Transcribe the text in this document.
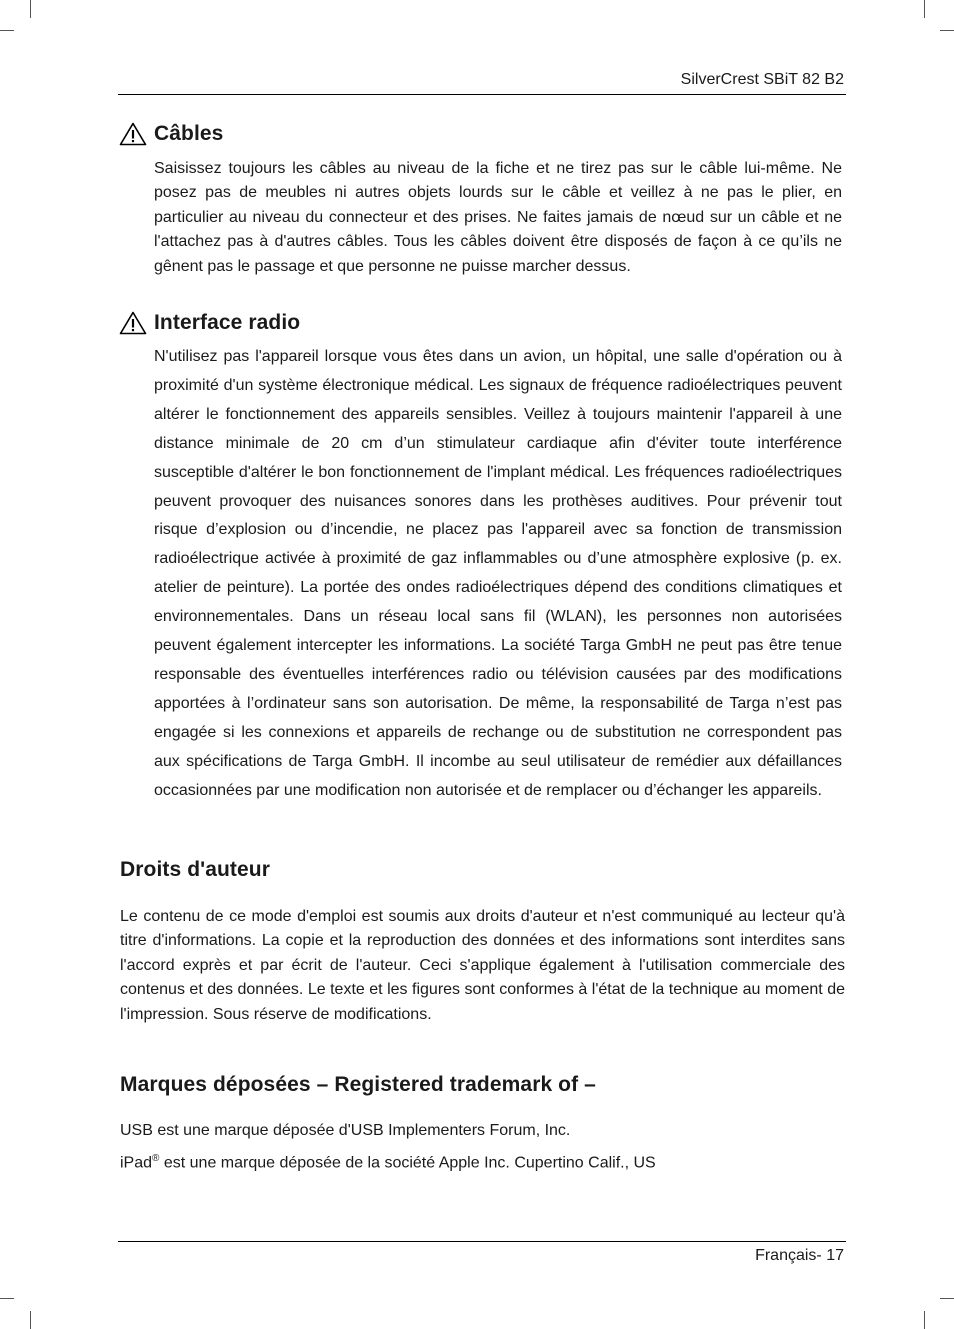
SilverCrest SBiT 82 B2
Câbles

Saisissez toujours les câbles au niveau de la fiche et ne tirez pas sur le câble lui-même. Ne posez pas de meubles ni autres objets lourds sur le câble et veillez à ne pas le plier, en particulier au niveau du connecteur et des prises. Ne faites jamais de nœud sur un câble et ne l'attachez pas à d'autres câbles. Tous les câbles doivent être disposés de façon à ce qu’ils ne gênent pas le passage et que personne ne puisse marcher dessus.

Interface radio

N'utilisez pas l'appareil lorsque vous êtes dans un avion, un hôpital, une salle d'opération ou à proximité d'un système électronique médical. Les signaux de fréquence radioélectriques peuvent altérer le fonctionnement des appareils sensibles. Veillez à toujours maintenir l'appareil à une distance minimale de 20 cm d’un stimulateur cardiaque afin d'éviter toute interférence susceptible d'altérer le bon fonctionnement de l'implant médical. Les fréquences radioélectriques peuvent provoquer des nuisances sonores dans les prothèses auditives. Pour prévenir tout risque d’explosion ou d’incendie, ne placez pas l'appareil avec sa fonction de transmission radioélectrique activée à proximité de gaz inflammables ou d’une atmosphère explosive (p. ex. atelier de peinture). La portée des ondes radioélectriques dépend des conditions climatiques et environnementales. Dans un réseau local sans fil (WLAN), les personnes non autorisées peuvent également intercepter les informations. La société Targa GmbH ne peut pas être tenue responsable des éventuelles interférences radio ou télévision causées par des modifications apportées à l’ordinateur sans son autorisation. De même, la responsabilité de Targa n’est pas engagée si les connexions et appareils de rechange ou de substitution ne correspondent pas aux spécifications de Targa GmbH. Il incombe au seul utilisateur de remédier aux défaillances occasionnées par une modification non autorisée et de remplacer ou d’échanger les appareils.

Droits d'auteur

Le contenu de ce mode d'emploi est soumis aux droits d'auteur et n'est communiqué au lecteur qu'à titre d'informations. La copie et la reproduction des données et des informations sont interdites sans l'accord exprès et par écrit de l'auteur. Ceci s'applique également à l'utilisation commerciale des contenus et des données. Le texte et les figures sont conformes à l'état de la technique au moment de l'impression. Sous réserve de modifications.

Marques déposées – Registered trademark of –

USB est une marque déposée d'USB Implementers Forum, Inc.

iPad® est une marque déposée de la société Apple Inc. Cupertino Calif., US

Français- 17
